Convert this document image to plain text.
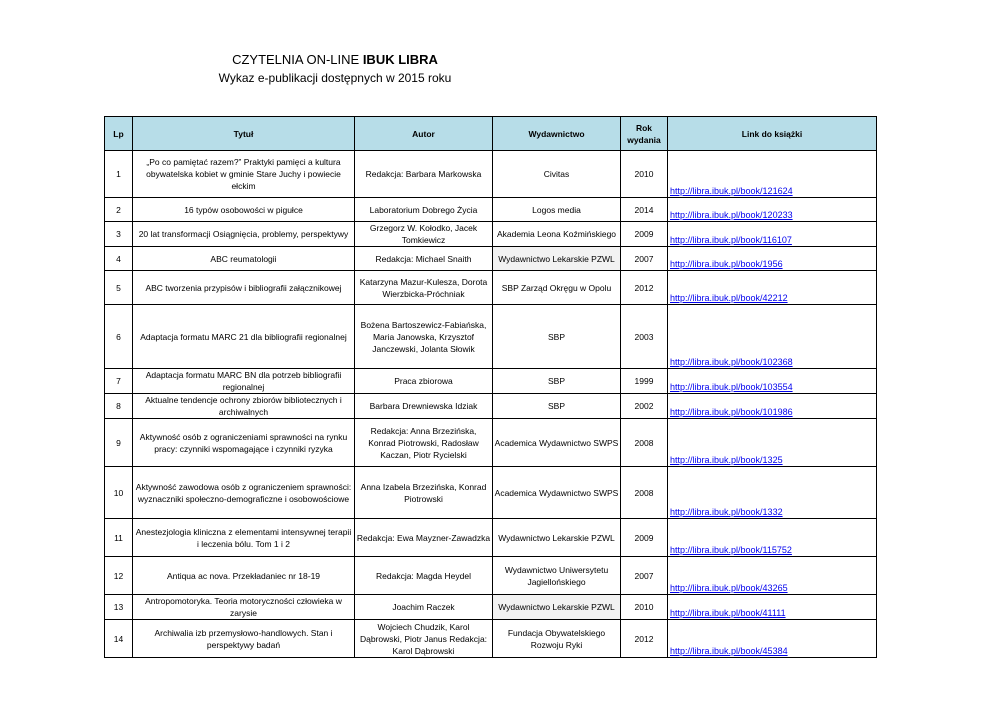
CZYTELNIA ON-LINE IBUK LIBRA
Wykaz e-publikacji dostępnych w 2015 roku
Lp	Tytuł	Autor	Wydawnictwo	Rok wydania	Link do książki
1	„Po co pamiętać razem?” Praktyki pamięci a kultura obywatelska kobiet w gminie Stare Juchy i powiecie ełckim	Redakcja: Barbara Markowska	Civitas	2010	http://libra.ibuk.pl/book/121624
2	16 typów osobowości w pigułce	Laboratorium Dobrego Życia	Logos media	2014	http://libra.ibuk.pl/book/120233
3	20 lat transformacji Osiągnięcia, problemy, perspektywy	Grzegorz W. Kołodko, Jacek Tomkiewicz	Akademia Leona Koźmińskiego	2009	http://libra.ibuk.pl/book/116107
4	ABC reumatologii	Redakcja: Michael Snaith	Wydawnictwo Lekarskie PZWL	2007	http://libra.ibuk.pl/book/1956
5	ABC tworzenia przypisów i bibliografii załącznikowej	Katarzyna Mazur-Kulesza, Dorota Wierzbicka-Próchniak	SBP Zarząd Okręgu w Opolu	2012	http://libra.ibuk.pl/book/42212
6	Adaptacja formatu MARC 21 dla bibliografii regionalnej	Bożena Bartoszewicz-Fabiańska, Maria Janowska, Krzysztof Janczewski, Jolanta Słowik	SBP	2003	http://libra.ibuk.pl/book/102368
7	Adaptacja formatu MARC BN dla potrzeb bibliografii regionalnej	Praca zbiorowa	SBP	1999	http://libra.ibuk.pl/book/103554
8	Aktualne tendencje ochrony zbiorów bibliotecznych i archiwalnych	Barbara Drewniewska Idziak	SBP	2002	http://libra.ibuk.pl/book/101986
9	Aktywność osób z ograniczeniami sprawności na rynku pracy: czynniki wspomagające i czynniki ryzyka	Redakcja: Anna Brzezińska, Konrad Piotrowski, Radosław Kaczan, Piotr Rycielski	Academica Wydawnictwo SWPS	2008	http://libra.ibuk.pl/book/1325
10	Aktywność zawodowa osób z ograniczeniem sprawności: wyznaczniki społeczno-demograficzne i osobowościowe	Anna Izabela Brzezińska, Konrad Piotrowski	Academica Wydawnictwo SWPS	2008	http://libra.ibuk.pl/book/1332
11	Anestezjologia kliniczna z elementami intensywnej terapii i leczenia bólu. Tom 1 i 2	Redakcja: Ewa Mayzner-Zawadzka	Wydawnictwo Lekarskie PZWL	2009	http://libra.ibuk.pl/book/115752
12	Antiqua ac nova. Przekładaniec nr 18-19	Redakcja: Magda Heydel	Wydawnictwo Uniwersytetu Jagiellońskiego	2007	http://libra.ibuk.pl/book/43265
13	Antropomotoryka. Teoria motoryczności człowieka w zarysie	Joachim Raczek	Wydawnictwo Lekarskie PZWL	2010	http://libra.ibuk.pl/book/41111
14	Archiwalia izb przemysłowo-handlowych. Stan i perspektywy badań	Wojciech Chudzik, Karol Dąbrowski, Piotr Janus Redakcja: Karol Dąbrowski	Fundacja Obywatelskiego Rozwoju Ryki	2012	http://libra.ibuk.pl/book/45384
